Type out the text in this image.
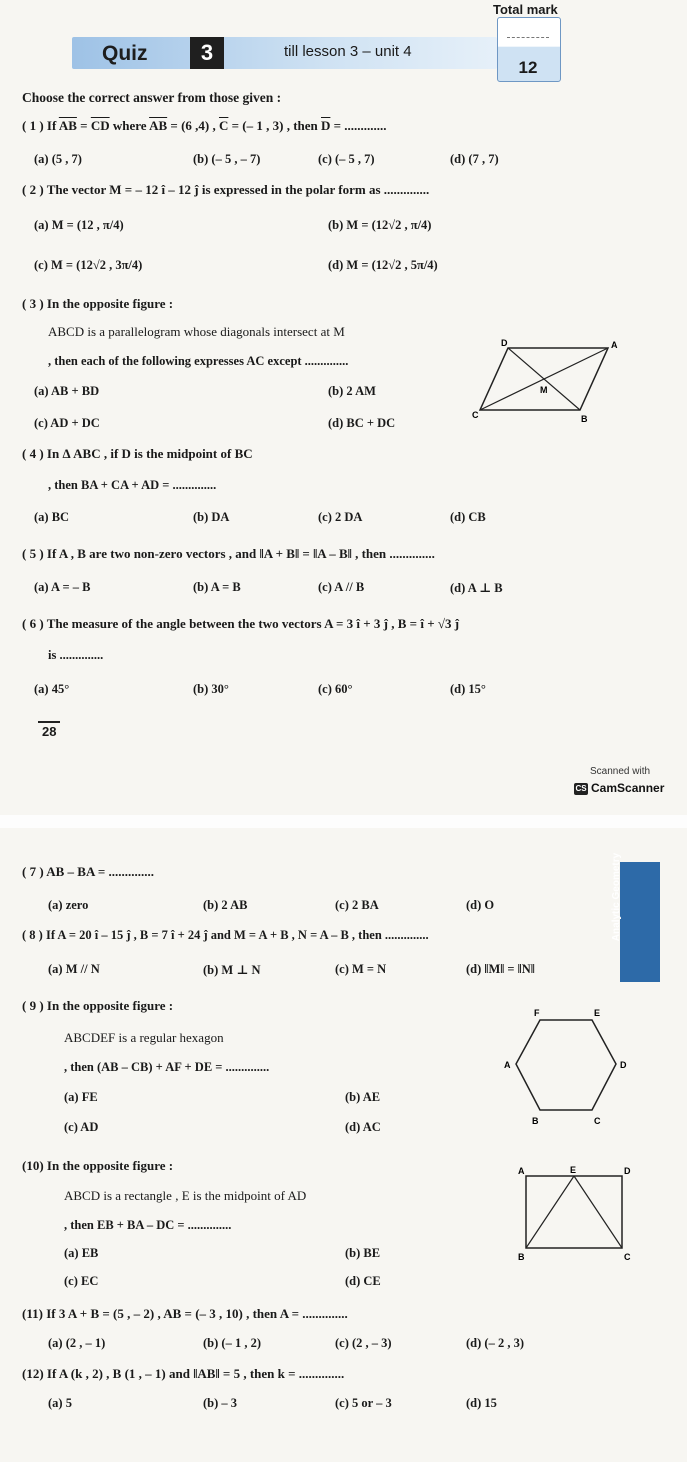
Total mark
12
Quiz	3	till lesson 3 – unit 4
Choose the correct answer from those given :
( 1 ) If $\overline{AB} = \overline{CD}$ where $\overline{AB} = (6$ ,4) , $\overline{C}$ = (– 1 , 3) , then $\overline{D}$ = .............
(a) (5 , 7)	(b) (– 5 , – 7)	(c) (– 5 , 7)	(d) (7 , 7)
( 2 ) The vector M = – 12 î – 12 ĵ is expressed in the polar form as ..............
(a) M = (12 , π/4)	(b) M = (12√2 , π/4)
(c) M = (12√2 , 3π/4)	(d) M = (12√2 , 5π/4)
( 3 ) In the opposite figure :
ABCD is a parallelogram whose diagonals intersect at M
, then each of the following expresses AC except ..............
(a) AB + BD	(b) 2 AM
(c) AD + DC	(d) BC + DC
D	A
M
C	B
( 4 ) In Δ ABC , if D is the midpoint of BC
, then BA + CA + AD = ..............
(a) BC	(b) DA	(c) 2 DA	(d) CB
( 5 ) If A , B are two non-zero vectors , and ‖A + B‖ = ‖A – B‖ , then ..............
(a) A = – B	(b) A = B	(c) A // B	(d) A ⊥ B
( 6 ) The measure of the angle between the two vectors A = 3 î + 3 ĵ , B = î + √3 ĵ
is ..............
(a) 45°	(b) 30°	(c) 60°	(d) 15°
28
Scanned with
CS CamScanner
Analytic Geometry
( 7 ) AB – BA = ..............
(a) zero	(b) 2 AB	(c) 2 BA	(d) O
( 8 ) If A = 20 î – 15 ĵ , B = 7 î + 24 ĵ and M = A + B , N = A – B , then ..............
(a) M // N	(b) M ⊥ N	(c) M = N	(d) ‖M‖ = ‖N‖
( 9 ) In the opposite figure :
ABCDEF is a regular hexagon
, then (AB – CB) + AF + DE = ..............
(a) FE	(b) AE
(c) AD	(d) AC
F	E
A	D
B	C
(10) In the opposite figure :
ABCD is a rectangle , E is the midpoint of AD
, then EB + BA – DC = ..............
(a) EB	(b) BE
(c) EC	(d) CE
A	E	D
B	C
(11) If 3 A + B = (5 , – 2) , AB = (– 3 , 10) , then A = ..............
(a) (2 , – 1)	(b) (– 1 , 2)	(c) (2 , – 3)	(d) (– 2 , 3)
(12) If A (k , 2) , B (1 , – 1) and ‖AB‖ = 5 , then k = ..............
(a) 5	(b) – 3	(c) 5 or – 3	(d) 15
